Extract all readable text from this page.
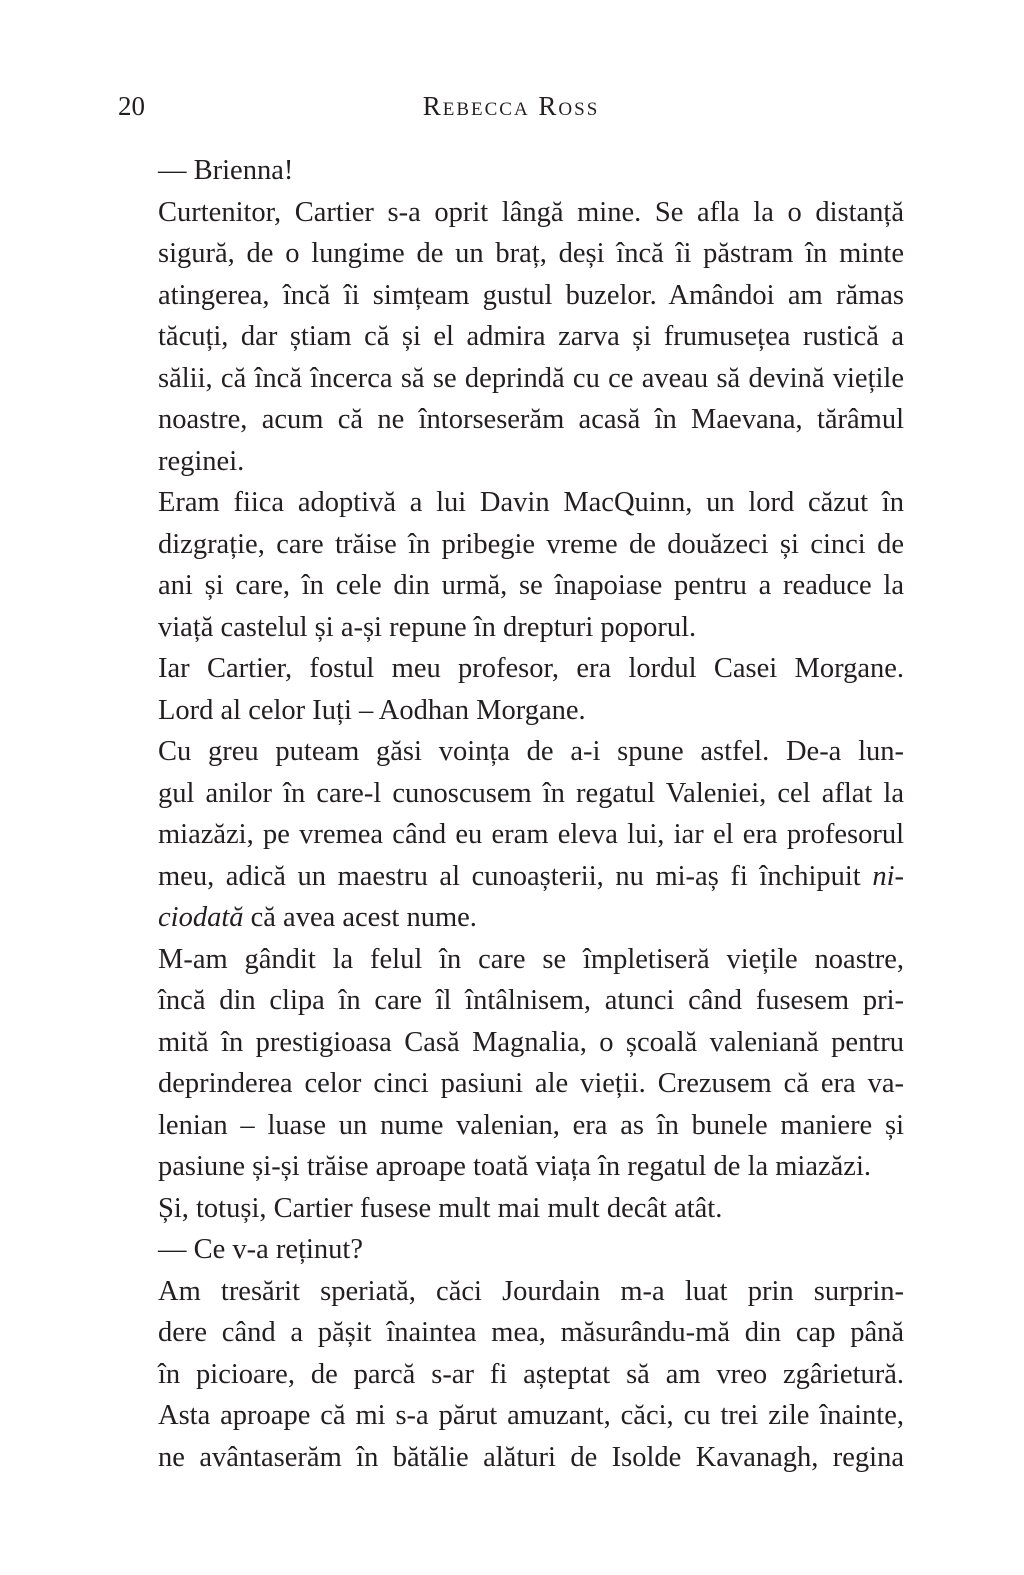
20	Rebecca Ross

— Brienna!

Curtenitor, Cartier s-a oprit lângă mine. Se afla la o distanță
sigură, de o lungime de un braț, deși încă îi păstram în minte
atingerea, încă îi simțeam gustul buzelor. Amândoi am rămas
tăcuți, dar știam că și el admira zarva și frumusețea rustică a
sălii, că încă încerca să se deprindă cu ce aveau să devină viețile
noastre, acum că ne întorseserăm acasă în Maevana, tărâmul
reginei.

Eram fiica adoptivă a lui Davin MacQuinn, un lord căzut în
dizgrație, care trăise în pribegie vreme de douăzeci și cinci de
ani și care, în cele din urmă, se înapoiase pentru a readuce la
viață castelul și a-și repune în drepturi poporul.

Iar Cartier, fostul meu profesor, era lordul Casei Morgane.
Lord al celor Iuți – Aodhan Morgane.

Cu greu puteam găsi voința de a-i spune astfel. De-a lun-
gul anilor în care-l cunoscusem în regatul Valeniei, cel aflat la
miazăzi, pe vremea când eu eram eleva lui, iar el era profesorul
meu, adică un maestru al cunoașterii, nu mi-aș fi închipuit ni-
ciodată că avea acest nume.

M-am gândit la felul în care se împletiseră viețile noastre,
încă din clipa în care îl întâlnisem, atunci când fusesem pri-
mită în prestigioasa Casă Magnalia, o școală valeniană pentru
deprinderea celor cinci pasiuni ale vieții. Crezusem că era va-
lenian – luase un nume valenian, era as în bunele maniere și
pasiune și-și trăise aproape toată viața în regatul de la miazăzi.

Și, totuși, Cartier fusese mult mai mult decât atât.

— Ce v-a reținut?

Am tresărit speriată, căci Jourdain m-a luat prin surprin-
dere când a pășit înaintea mea, măsurându-mă din cap până
în picioare, de parcă s-ar fi așteptat să am vreo zgârietură.
Asta aproape că mi s-a părut amuzant, căci, cu trei zile înainte,
ne avântaserăm în bătălie alături de Isolde Kavanagh, regina
